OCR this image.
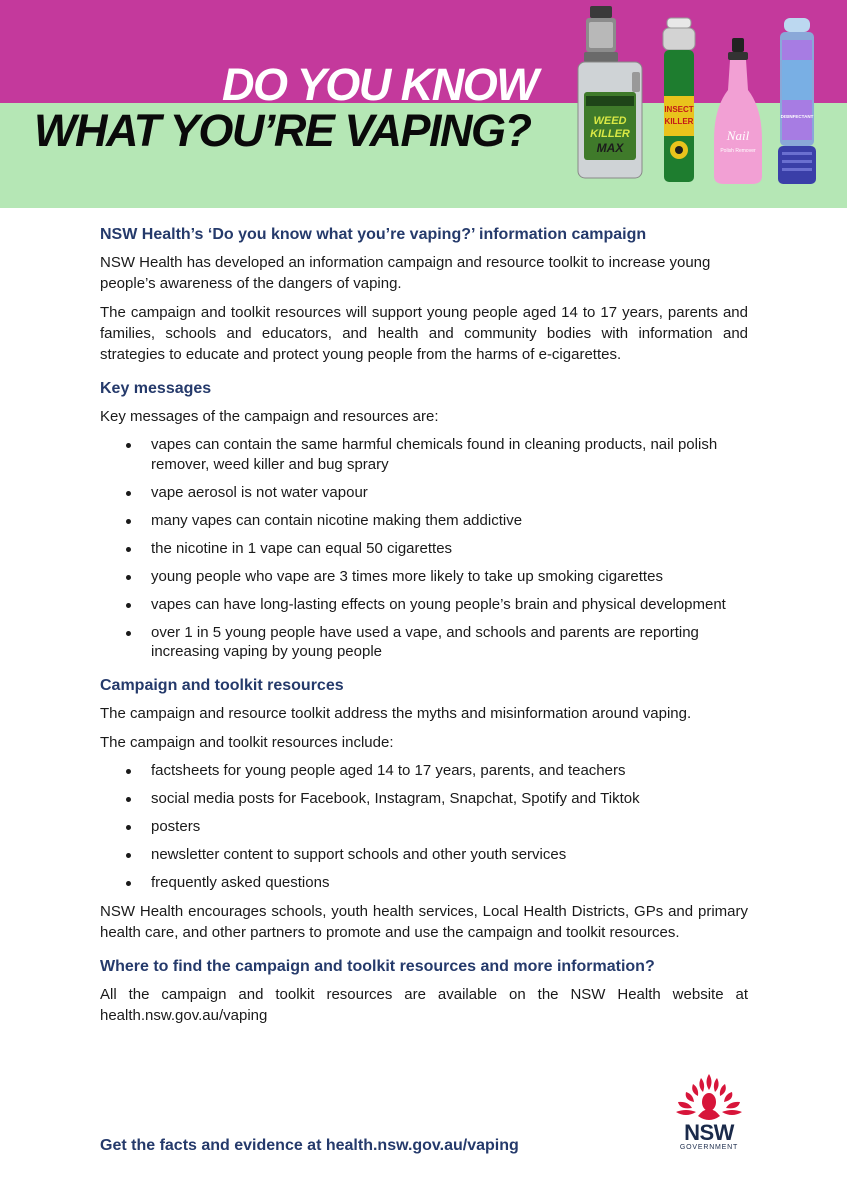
DO YOU KNOW
WHAT YOU’RE VAPING?	WEED
KILLER
MAX
INSECT
KILLER
Nail
Polish Remover
DISINFECTANT
NSW Health’s ‘Do you know what you’re vaping?’ information campaign

NSW Health has developed an information campaign and resource toolkit to increase young people’s awareness of the dangers of vaping.

The campaign and toolkit resources will support young people aged 14 to 17 years, parents and families, schools and educators, and health and community bodies with information and strategies to educate and protect young people from the harms of e-cigarettes.

Key messages

Key messages of the campaign and resources are:

vapes can contain the same harmful chemicals found in cleaning products, nail polish remover, weed killer and bug sprary
vape aerosol is not water vapour
many vapes can contain nicotine making them addictive
the nicotine in 1 vape can equal 50 cigarettes
young people who vape are 3 times more likely to take up smoking cigarettes
vapes can have long-lasting effects on young people’s brain and physical development
over 1 in 5 young people have used a vape, and schools and parents are reporting increasing vaping by young people
Campaign and toolkit resources

The campaign and resource toolkit address the myths and misinformation around vaping.

The campaign and toolkit resources include:

factsheets for young people aged 14 to 17 years, parents, and teachers
social media posts for Facebook, Instagram, Snapchat, Spotify and Tiktok
posters
newsletter content to support schools and other youth services
frequently asked questions

NSW Health encourages schools, youth health services, Local Health Districts, GPs and primary health care, and other partners to promote and use the campaign and toolkit resources.

Where to find the campaign and toolkit resources and more information?

All the campaign and toolkit resources are available on the NSW Health website at health.nsw.gov.au/vaping

Get the facts and evidence at health.nsw.gov.au/vaping
NSW
GOVERNMENT
